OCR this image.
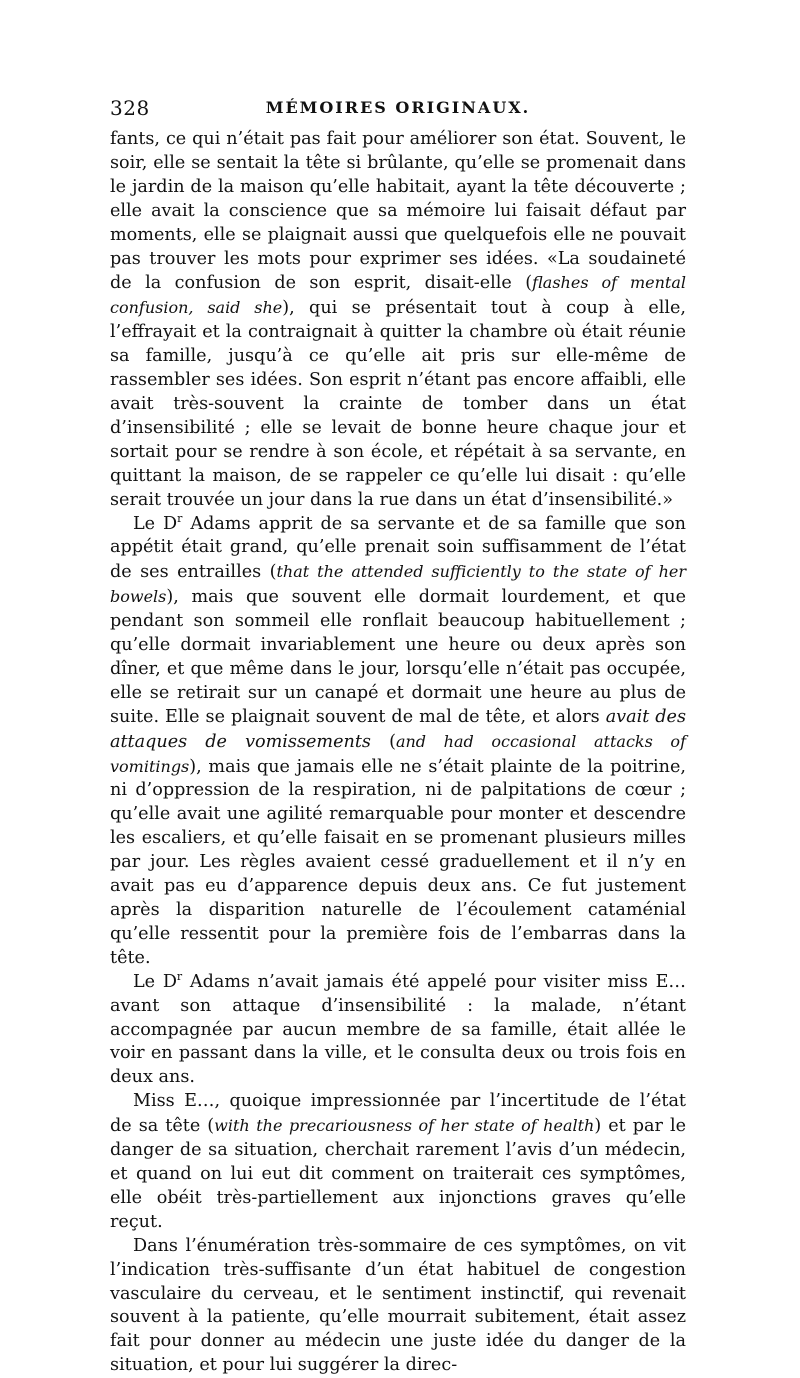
328	MÉMOIRES ORIGINAUX.

fants, ce qui n’était pas fait pour améliorer son état. Souvent, le soir, elle se sentait la tête si brûlante, qu’elle se promenait dans le jardin de la maison qu’elle habitait, ayant la tête découverte ; elle avait la conscience que sa mémoire lui faisait défaut par moments, elle se plaignait aussi que quelquefois elle ne pouvait pas trouver les mots pour exprimer ses idées. «La soudaineté de la confusion de son esprit, disait-elle (flashes of mental confusion, said she), qui se présentait tout à coup à elle, l’effrayait et la contraignait à quitter la chambre où était réunie sa famille, jusqu’à ce qu’elle ait pris sur elle-même de rassembler ses idées. Son esprit n’étant pas encore affaibli, elle avait très-souvent la crainte de tomber dans un état d’insensibilité ; elle se levait de bonne heure chaque jour et sortait pour se rendre à son école, et répétait à sa servante, en quittant la maison, de se rappeler ce qu’elle lui disait : qu’elle serait trouvée un jour dans la rue dans un état d’insensibilité.»

Le $D^r$ Adams apprit de sa servante et de sa famille que son appétit était grand, qu’elle prenait soin suffisamment de l’état de ses entrailles (that the attended sufficiently to the state of her bowels), mais que souvent elle dormait lourdement, et que pendant son sommeil elle ronflait beaucoup habituellement ; qu’elle dormait invariablement une heure ou deux après son dîner, et que même dans le jour, lorsqu’elle n’était pas occupée, elle se retirait sur un canapé et dormait une heure au plus de suite. Elle se plaignait souvent de mal de tête, et alors avait des attaques de vomissements (and had occasional attacks of vomitings), mais que jamais elle ne s’était plainte de la poitrine, ni d’oppression de la respiration, ni de palpitations de cœur ; qu’elle avait une agilité remarquable pour monter et descendre les escaliers, et qu’elle faisait en se promenant plusieurs milles par jour. Les règles avaient cessé graduellement et il n’y en avait pas eu d’apparence depuis deux ans. Ce fut justement après la disparition naturelle de l’écoulement cataménial qu’elle ressentit pour la première fois de l’embarras dans la tête.

Le $D^r$ Adams n’avait jamais été appelé pour visiter miss E… avant son attaque d’insensibilité : la malade, n’étant accompagnée par aucun membre de sa famille, était allée le voir en passant dans la ville, et le consulta deux ou trois fois en deux ans.

Miss E…, quoique impressionnée par l’incertitude de l’état de sa tête (with the precariousness of her state of health) et par le danger de sa situation, cherchait rarement l’avis d’un médecin, et quand on lui eut dit comment on traiterait ces symptômes, elle obéit très-partiellement aux injonctions graves qu’elle reçut.

Dans l’énumération très-sommaire de ces symptômes, on vit l’indication très-suffisante d’un état habituel de congestion vasculaire du cerveau, et le sentiment instinctif, qui revenait souvent à la patiente, qu’elle mourrait subitement, était assez fait pour donner au médecin une juste idée du danger de la situation, et pour lui suggérer la direc-
